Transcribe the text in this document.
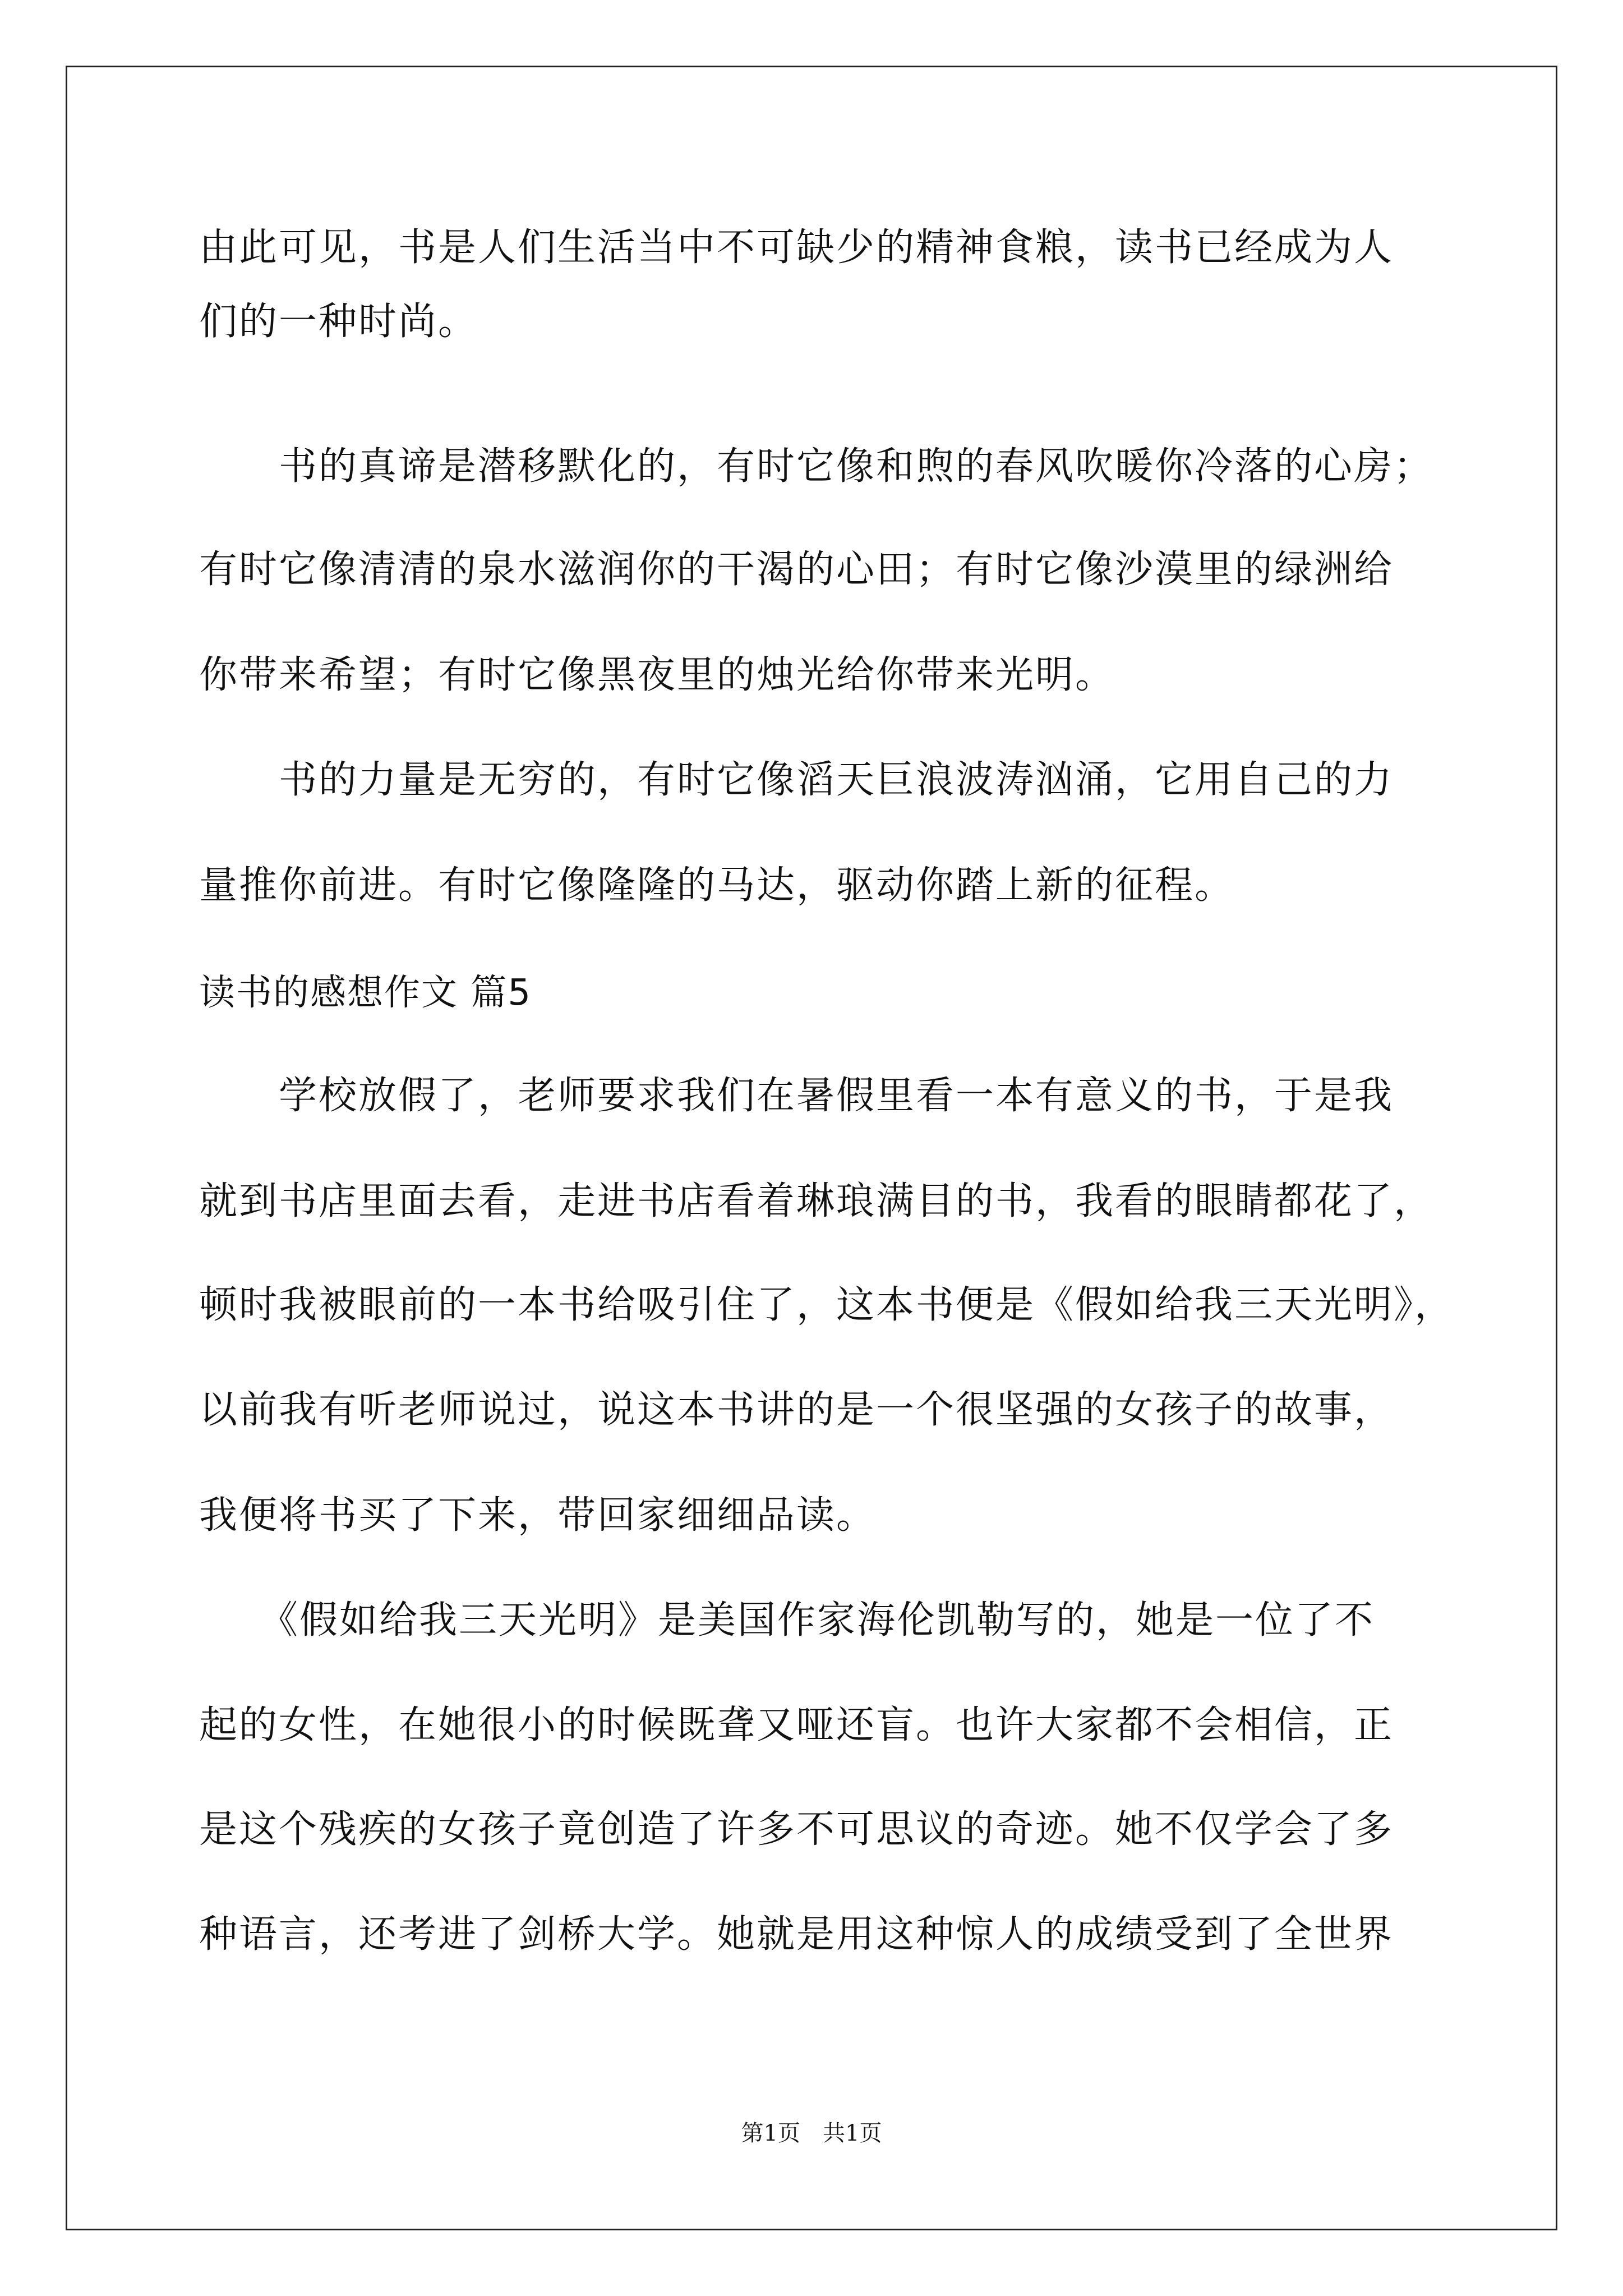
由此可见，书是人们生活当中不可缺少的精神食粮，读书已经成为人
们的一种时尚。
　　书的真谛是潜移默化的，有时它像和煦的春风吹暖你冷落的心房；
有时它像清清的泉水滋润你的干渴的心田；有时它像沙漠里的绿洲给
你带来希望；有时它像黑夜里的烛光给你带来光明。
　　书的力量是无穷的，有时它像滔天巨浪波涛汹涌，它用自己的力
量推你前进。有时它像隆隆的马达，驱动你踏上新的征程。
读书的感想作文 篇5
　　学校放假了，老师要求我们在暑假里看一本有意义的书，于是我
就到书店里面去看，走进书店看着琳琅满目的书，我看的眼睛都花了，
顿时我被眼前的一本书给吸引住了，这本书便是《假如给我三天光明》，
以前我有听老师说过，说这本书讲的是一个很坚强的女孩子的故事，
我便将书买了下来，带回家细细品读。
　　《假如给我三天光明》是美国作家海伦凯勒写的，她是一位了不
起的女性，在她很小的时候既聋又哑还盲。也许大家都不会相信，正
是这个残疾的女孩子竟创造了许多不可思议的奇迹。她不仅学会了多
种语言，还考进了剑桥大学。她就是用这种惊人的成绩受到了全世界
第1页　共1页
